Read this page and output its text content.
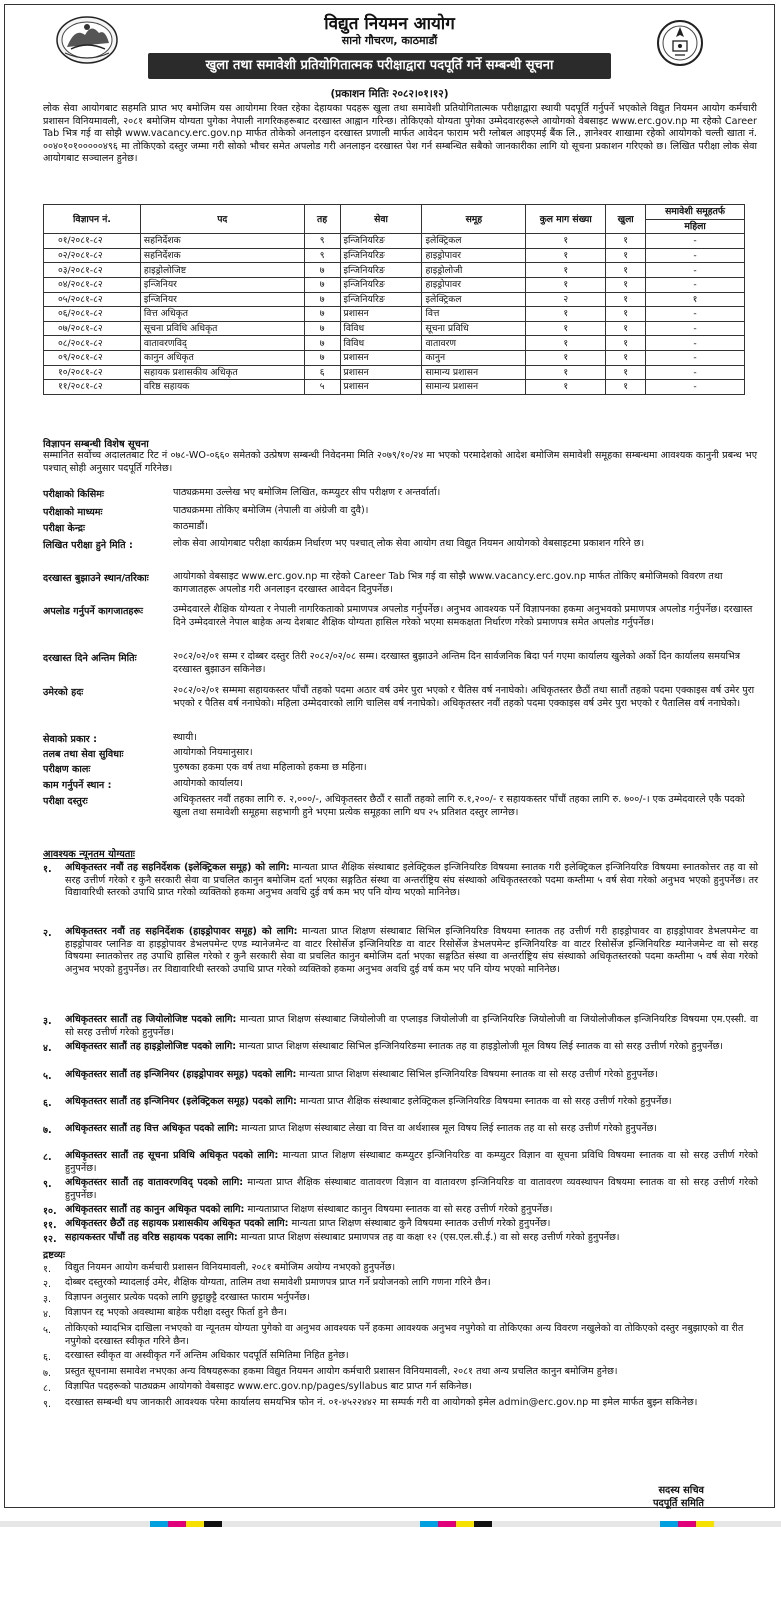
विद्युत नियमन आयोग
सानो गौचरण, काठमाडौं
खुला तथा समावेशी प्रतियोगितात्मक परीक्षाद्वारा पदपूर्ति गर्ने सम्बन्धी सूचना
(प्रकाशन मितिः २०८२।०१।१२)
लोक सेवा आयोगबाट सहमति प्राप्त भए बमोजिम यस आयोगमा रिक्त रहेका देहायका पदहरू खुला तथा समावेशी प्रतियोगितात्मक परीक्षाद्वारा स्थायी पदपूर्ति गर्नुपर्ने भएकोले विद्युत नियमन आयोग कर्मचारी प्रशासन विनियमावली, २०८१ बमोजिम योग्यता पुगेका नेपाली नागरिकहरूबाट दरखास्त आह्वान गरिन्छ। तोकिएको योग्यता पुगेका उम्मेदवारहरूले आयोगको वेबसाइट www.erc.gov.np मा रहेको Career Tab भित्र गई वा सोझै www.vacancy.erc.gov.np मार्फत तोकेको अनलाइन दरखास्त प्रणाली मार्फत आवेदन फाराम भरी ग्लोबल आइएमई बैंक लि., ज्ञानेश्वर शाखामा रहेको आयोगको चल्ती खाता नं. ००४०१०१०००००४९६ मा तोकिएको दस्तुर जम्मा गरी सोको भौचर समेत अपलोड गरी अनलाइन दरखास्त पेश गर्न सम्बन्धित सबैको जानकारीका लागि यो सूचना प्रकाशन गरिएको छ। लिखित परीक्षा लोक सेवा आयोगबाट सञ्चालन हुनेछ।
विज्ञापन नं.	पद	तह	सेवा	समूह	कुल माग संख्या	खुला	समावेशी समूहतर्फ
							महिला
०१/२०८१-८२	सहनिर्देशक	९	इन्जिनियरिङ	इलेक्ट्रिकल	१	१	-
०२/२०८१-८२	सहनिर्देशक	९	इन्जिनियरिङ	हाइड्रोपावर	१	१	-
०३/२०८१-८२	हाइड्रोलोजिष्ट	७	इन्जिनियरिङ	हाइड्रोलोजी	१	१	-
०४/२०८१-८२	इन्जिनियर	७	इन्जिनियरिङ	हाइड्रोपावर	१	१	-
०५/२०८१-८२	इन्जिनियर	७	इन्जिनियरिङ	इलेक्ट्रिकल	२	१	१
०६/२०८१-८२	वित्त अधिकृत	७	प्रशासन	वित्त	१	१	-
०७/२०८१-८२	सूचना प्रविधि अधिकृत	७	विविध	सूचना प्रविधि	१	१	-
०८/२०८१-८२	वातावरणविद्	७	विविध	वातावरण	१	१	-
०९/२०८१-८२	कानुन अधिकृत	७	प्रशासन	कानुन	१	१	-
१०/२०८१-८२	सहायक प्रशासकीय अधिकृत	६	प्रशासन	सामान्य प्रशासन	१	१	-
११/२०८१-८२	वरिष्ठ सहायक	५	प्रशासन	सामान्य प्रशासन	१	१	-
विज्ञापन सम्बन्धी विशेष सूचना
सम्मानित सर्वोच्च अदालतबाट रिट नं ०७८-WO-०६६० समेतको उत्प्रेषण सम्बन्धी निवेदनमा मिति २०७९/१०/२४ मा भएको परमादेशको आदेश बमोजिम समावेशी समूहका सम्बन्धमा आवश्यक कानुनी प्रबन्ध भए पश्चात् सोही अनुसार पदपूर्ति गरिनेछ।
परीक्षाको किसिमः	पाठ्यक्रममा उल्लेख भए बमोजिम लिखित, कम्प्युटर सीप परीक्षण र अन्तर्वार्ता।
परीक्षाको माध्यमः	पाठ्यक्रममा तोकिए बमोजिम (नेपाली वा अंग्रेजी वा दुवै)।
परीक्षा केन्द्रः	काठमाडौं।
लिखित परीक्षा हुने मिति :	लोक सेवा आयोगबाट परीक्षा कार्यक्रम निर्धारण भए पश्चात् लोक सेवा आयोग तथा विद्युत नियमन आयोगको वेबसाइटमा प्रकाशन गरिने छ।
दरखास्त बुझाउने स्थान/तरिकाः	आयोगको वेबसाइट www.erc.gov.np मा रहेको Career Tab भित्र गई वा सोझै www.vacancy.erc.gov.np मार्फत तोकिए बमोजिमको विवरण तथा कागजातहरू अपलोड गरी अनलाइन दरखास्त आवेदन दिनुपर्नेछ।
अपलोड गर्नुपर्ने कागजातहरूः	उम्मेदवारले शैक्षिक योग्यता र नेपाली नागरिकताको प्रमाणपत्र अपलोड गर्नुपर्नेछ। अनुभव आवश्यक पर्ने विज्ञापनका हकमा अनुभवको प्रमाणपत्र अपलोड गर्नुपर्नेछ। दरखास्त दिने उम्मेदवारले नेपाल बाहेक अन्य देशबाट शैक्षिक योग्यता हासिल गरेको भएमा समकक्षता निर्धारण गरेको प्रमाणपत्र समेत अपलोड गर्नुपर्नेछ।
दरखास्त दिने अन्तिम मितिः	२०८२/०२/०१ सम्म र दोब्बर दस्तुर तिरी २०८२/०२/०८ सम्म। दरखास्त बुझाउने अन्तिम दिन सार्वजनिक बिदा पर्न गएमा कार्यालय खुलेको अर्को दिन कार्यालय समयभित्र दरखास्त बुझाउन सकिनेछ।
उमेरको हदः	२०८२/०२/०१ सम्ममा सहायकस्तर पाँचौं तहको पदमा अठार वर्ष उमेर पुरा भएको र चैतिस वर्ष ननाघेको। अधिकृतस्तर छैठौं तथा सातौं तहको पदमा एक्काइस वर्ष उमेर पुरा भएको र पैतिस वर्ष ननाघेको। महिला उम्मेदवारको लागि चालिस वर्ष ननाघेको। अधिकृतस्तर नवौं तहको पदमा एक्काइस वर्ष उमेर पुरा भएको र पैतालिस वर्ष ननाघेको।
सेवाको प्रकार :	स्थायी।
तलब तथा सेवा सुविधाः	आयोगको नियमानुसार।
परीक्षण कालः	पुरुषका हकमा एक वर्ष तथा महिलाको हकमा छ महिना।
काम गर्नुपर्ने स्थान :	आयोगको कार्यालय।
परीक्षा दस्तुरः	अधिकृतस्तर नवौं तहका लागि रु. २,०००/-, अधिकृतस्तर छैठौं र सातौं तहको लागि रु.१,२००/- र सहायकस्तर पाँचौं तहका लागि रु. ७००/-। एक उम्मेदवारले एकै पदको खुला तथा समावेशी समूहमा सहभागी हुने भएमा प्रत्येक समूहका लागि थप २५ प्रतिशत दस्तुर लाग्नेछ।
आवश्यक न्यूनतम योग्यताः
१. अधिकृतस्तर नवौं तह सहनिर्देशक (इलेक्ट्रिकल समूह) को लागि: मान्यता प्राप्त शैक्षिक संस्थाबाट इलेक्ट्रिकल इन्जिनियरिङ विषयमा स्नातक गरी इलेक्ट्रिकल इन्जिनियरिङ विषयमा स्नातकोत्तर तह वा सो सरह उत्तीर्ण गरेको र कुनै सरकारी सेवा वा प्रचलित कानुन बमोजिम दर्ता भएका सङ्गठित संस्था वा अन्तर्राष्ट्रिय संघ संस्थाको अधिकृतस्तरको पदमा कम्तीमा ५ वर्ष सेवा गरेको अनुभव भएको हुनुपर्नेछ। तर विद्यावारिधी स्तरको उपाधि प्राप्त गरेको व्यक्तिको हकमा अनुभव अवधि दुई वर्ष कम भए पनि योग्य भएको मानिनेछ।
२. अधिकृतस्तर नवौं तह सहनिर्देशक (हाइड्रोपावर समूह) को लागि: मान्यता प्राप्त शिक्षण संस्थाबाट सिभिल इन्जिनियरिङ विषयमा स्नातक तह उत्तीर्ण गरी हाइड्रोपावर वा हाइड्रोपावर डेभलपमेन्ट वा हाइड्रोपावर प्लानिङ वा हाइड्रोपावर डेभलपमेन्ट एण्ड म्यानेजमेन्ट वा वाटर रिसोर्सेज इन्जिनियरिङ वा वाटर रिसोर्सेज डेभलपमेन्ट इन्जिनियरिङ वा वाटर रिसोर्सेज इन्जिनियरिङ म्यानेजमेन्ट वा सो सरह विषयमा स्नातकोत्तर तह उपाधि हासिल गरेको र कुनै सरकारी सेवा वा प्रचलित कानुन बमोजिम दर्ता भएका सङ्गठित संस्था वा अन्तर्राष्ट्रिय संघ संस्थाको अधिकृतस्तरको पदमा कम्तीमा ५ वर्ष सेवा गरेको अनुभव भएको हुनुपर्नेछ। तर विद्यावारिधी स्तरको उपाधि प्राप्त गरेको व्यक्तिको हकमा अनुभव अवधि दुई वर्ष कम भए पनि योग्य भएको मानिनेछ।
३. अधिकृतस्तर सातौं तह जियोलोजिष्ट पदको लागि: मान्यता प्राप्त शिक्षण संस्थाबाट जियोलोजी वा एप्लाइड जियोलोजी वा इन्जिनियरिङ जियोलोजी वा जियोलोजीकल इन्जिनियरिङ विषयमा एम.एस्सी. वा सो सरह उत्तीर्ण गरेको हुनुपर्नेछ।
४. अधिकृतस्तर सातौं तह हाइड्रोलोजिष्ट पदको लागि: मान्यता प्राप्त शिक्षण संस्थाबाट सिभिल इन्जिनियरिङमा स्नातक तह वा हाइड्रोलोजी मूल विषय लिई स्नातक वा सो सरह उत्तीर्ण गरेको हुनुपर्नेछ।
५. अधिकृतस्तर सातौं तह इन्जिनियर (हाइड्रोपावर समूह) पदको लागि: मान्यता प्राप्त शिक्षण संस्थाबाट सिभिल इन्जिनियरिङ विषयमा स्नातक वा सो सरह उत्तीर्ण गरेको हुनुपर्नेछ।
६. अधिकृतस्तर सातौं तह इन्जिनियर (इलेक्ट्रिकल समूह) पदको लागि: मान्यता प्राप्त शैक्षिक संस्थाबाट इलेक्ट्रिकल इन्जिनियरिङ विषयमा स्नातक वा सो सरह उत्तीर्ण गरेको हुनुपर्नेछ।
७. अधिकृतस्तर सातौं तह वित्त अधिकृत पदको लागि: मान्यता प्राप्त शिक्षण संस्थाबाट लेखा वा वित्त वा अर्थशास्त्र मूल विषय लिई स्नातक तह वा सो सरह उत्तीर्ण गरेको हुनुपर्नेछ।
८. अधिकृतस्तर सातौं तह सूचना प्रविधि अधिकृत पदको लागि: मान्यता प्राप्त शिक्षण संस्थाबाट कम्प्युटर इन्जिनियरिङ वा कम्प्युटर विज्ञान वा सूचना प्रविधि विषयमा स्नातक वा सो सरह उत्तीर्ण गरेको हुनुपर्नेछ।
९. अधिकृतस्तर सातौं तह वातावरणविद् पदको लागि: मान्यता प्राप्त शैक्षिक संस्थाबाट वातावरण विज्ञान वा वातावरण इन्जिनियरिङ वा वातावरण व्यवस्थापन विषयमा स्नातक वा सो सरह उत्तीर्ण गरेको हुनुपर्नेछ।
१०. अधिकृतस्तर सातौं तह कानुन अधिकृत पदको लागि: मान्यताप्राप्त शिक्षण संस्थाबाट कानुन विषयमा स्नातक वा सो सरह उत्तीर्ण गरेको हुनुपर्नेछ।
११. अधिकृतस्तर छैठौं तह सहायक प्रशासकीय अधिकृत पदको लागि: मान्यता प्राप्त शिक्षण संस्थाबाट कुनै विषयमा स्नातक उत्तीर्ण गरेको हुनुपर्नेछ।
१२. सहायकस्तर पाँचौं तह वरिष्ठ सहायक पदका लागि: मान्यता प्राप्त शिक्षण संस्थाबाट प्रमाणपत्र तह वा कक्षा १२ (एस.एल.सी.ई.) वा सो सरह उत्तीर्ण गरेको हुनुपर्नेछ।
द्रष्टव्यः
१. विद्युत नियमन आयोग कर्मचारी प्रशासन विनियमावली, २०८१ बमोजिम अयोग्य नभएको हुनुपर्नेछ।
२. दोब्बर दस्तुरको म्यादलाई उमेर, शैक्षिक योग्यता, तालिम तथा समावेशी प्रमाणपत्र प्राप्त गर्ने प्रयोजनको लागि गणना गरिने छैन।
३. विज्ञापन अनुसार प्रत्येक पदको लागि छुट्टाछुट्टै दरखास्त फाराम भर्नुपर्नेछ।
४. विज्ञापन रद्द भएको अवस्थामा बाहेक परीक्षा दस्तुर फिर्ता हुने छैन।
५. तोकिएको म्यादभित्र दाखिला नभएको वा न्यूनतम योग्यता पुगेको वा अनुभव आवश्यक पर्ने हकमा आवश्यक अनुभव नपुगेको वा तोकिएका अन्य विवरण नखुलेको वा तोकिएको दस्तुर नबुझाएको वा रीत नपुगेको दरखास्त स्वीकृत गरिने छैन।
६. दरखास्त स्वीकृत वा अस्वीकृत गर्ने अन्तिम अधिकार पदपूर्ति समितिमा निहित हुनेछ।
७. प्रस्तुत सूचनामा समावेश नभएका अन्य विषयहरूका हकमा विद्युत नियमन आयोग कर्मचारी प्रशासन विनियमावली, २०८१ तथा अन्य प्रचलित कानुन बमोजिम हुनेछ।
८. विज्ञापित पदहरूको पाठ्यक्रम आयोगको वेबसाइट www.erc.gov.np/pages/syllabus बाट प्राप्त गर्न सकिनेछ।
९. दरखास्त सम्बन्धी थप जानकारी आवश्यक परेमा कार्यालय समयभित्र फोन नं. ०१-४५२२४४२ मा सम्पर्क गरी वा आयोगको इमेल admin@erc.gov.np मा इमेल मार्फत बुझ्न सकिनेछ।
सदस्य सचिव
पदपूर्ति समिति
